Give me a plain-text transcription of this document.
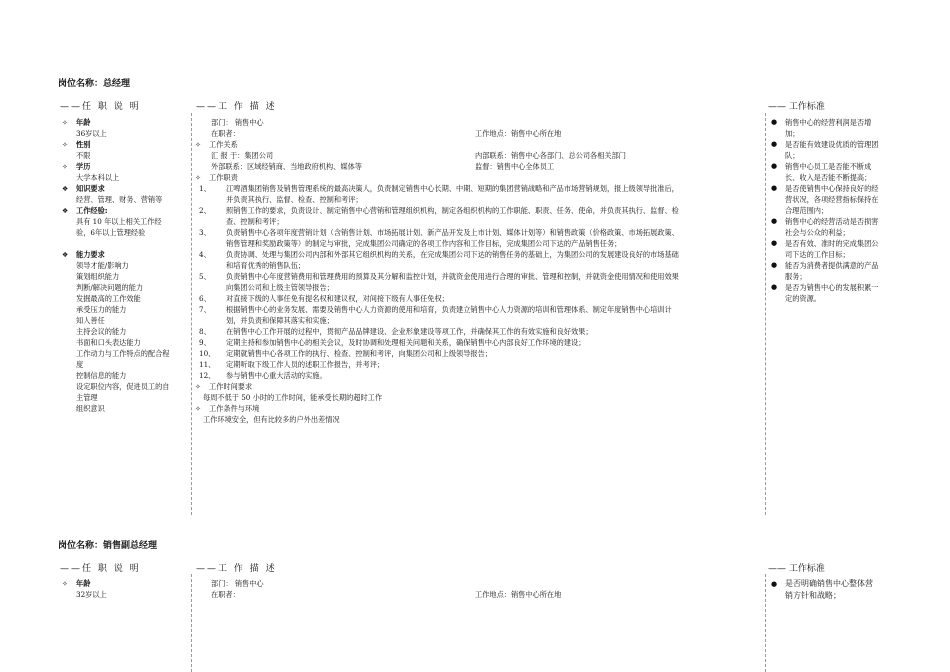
岗位名称：总经理
——任 职 说 明	——工 作 描 述	—— 工作标准
✧ 年龄
36岁以上
✧ 性别
不限
✧ 学历
大学本科以上
❖ 知识要求
经营、管理、财务、营销等
❖ 工作经验:
具有 10 年以上相关工作经
验，6年以上管理经验
❖ 能力要求
领导才能/影响力
策划组织能力
判断/解决问题的能力
发掘最高的工作效能
承受压力的能力
知人善任
主持会议的能力
书面和口头表达能力
工作动力与工作特点的配合程
度
控制信息的能力
设定职位内容，促进员工的自
主管理
组织意识
部门： 销售中心
在职者：	工作地点：销售中心所在地
✧ 工作关系
汇 报 于：集团公司	内部联系：销售中心各部门、总公司各相关部门
外部联系：区域经销商、当地政府机构、媒体等	监督：销售中心全体员工
✧ 工作职责
1、 江啤酒集团销售及销售管理系统的最高决策人，负责制定销售中心长期、中期、短期的集团营销战略和产品市场营销规划，报上级领导批准后，
并负责其执行、监督、检查、控制和考评；
2、 照销售工作的要求，负责设计、制定销售中心营销和管理组织机构，制定各组织机构的工作职能、职责、任务、使命，并负责其执行、监督、检
查、控制和考评；
3、 负责销售中心各项年度营销计划（含销售计划、市场拓展计划、新产品开发及上市计划、媒体计划等）和销售政策（价格政策、市场拓展政策、
销售管理和奖励政策等）的制定与审批，完成集团公司确定的各项工作内容和工作目标，完成集团公司下达的产品销售任务；
4、 负责协调、处理与集团公司内部和外部其它组织机构的关系，在完成集团公司下达的销售任务的基础上，为集团公司的发展建设良好的市场基础
和培育优秀的销售队伍；
5、 负责销售中心年度营销费用和管理费用的预算及其分解和监控计划，并就资金使用进行合理的审批、管理和控制，并就资金使用情况和使用效果
向集团公司和上级主管领导报告；
6、 对直接下级的人事任免有提名权和建议权，对间接下级有人事任免权；
7、 根据销售中心的业务发展、需要及销售中心人力资源的使用和培育，负责建立销售中心人力资源的培训和管理体系、制定年度销售中心培训计
划，并负责和保障其落实和实施；
8、 在销售中心工作开展的过程中，贯彻产品品牌建设、企业形象建设等项工作，并确保其工作的有效实施和良好效果；
9、 定期主持和参加销售中心的相关会议，及时协调和处理相关问题和关系，确保销售中心内部良好工作环境的建设；
10、 定期就销售中心各项工作的执行、检查、控制和考评，向集团公司和上级领导报告；
11、 定期听取下级工作人员的述职工作报告，并考评；
12、 参与销售中心重大活动的实施。
✧ 工作时间要求
每周不低于 50 小时的工作时间，能承受长期的超时工作
✧ 工作条件与环境
工作环境安全，但有比较多的户外出差情况
● 销售中心的经营利润是否增
加；
● 是否能有效建设优质的管理团
队；
● 销售中心员工是否能不断成
长、收入是否能不断提高；
● 是否使销售中心保持良好的经
营状况，各项经营指标保持在
合理范围内；
● 销售中心的经营活动是否损害
社会与公众的利益；
● 是否有效、准时的完成集团公
司下达的工作目标；
● 能否为消费者提供满意的产品
服务；
● 是否为销售中心的发展积累一
定的资源。
岗位名称：销售副总经理
——任 职 说 明	——工 作 描 述	—— 工作标准
✧ 年龄
32岁以上
部门： 销售中心
在职者：	工作地点：销售中心所在地
● 是否明确销售中心整体营
销方针和战略；
